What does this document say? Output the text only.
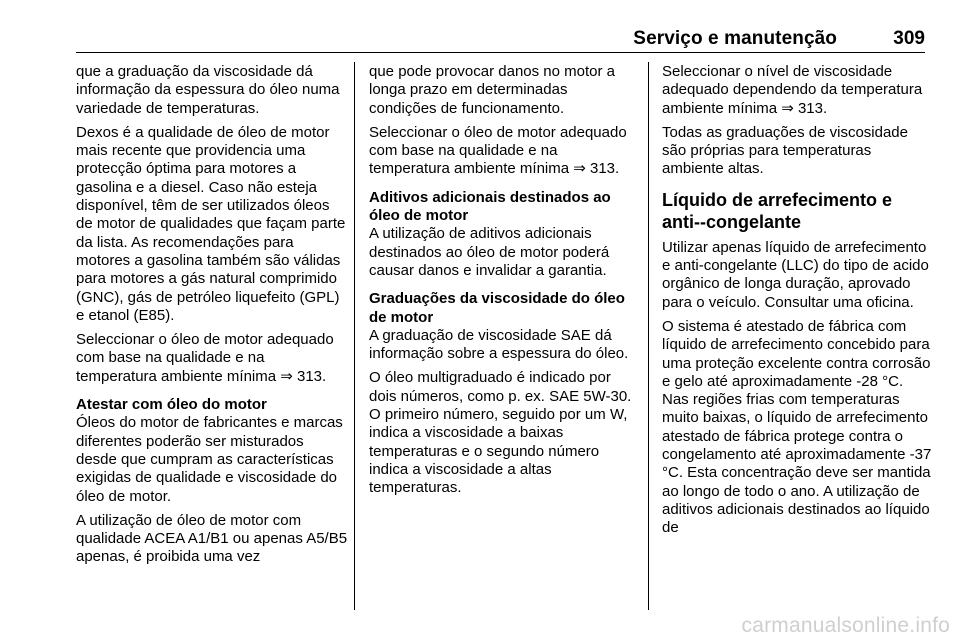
Serviço e manutenção	309

que a graduação da viscosidade dá informação da espessura do óleo numa variedade de temperaturas.

Dexos é a qualidade de óleo de motor mais recente que providencia uma protecção óptima para motores a gasolina e a diesel. Caso não esteja disponível, têm de ser utilizados óleos de motor de qualidades que façam parte da lista. As recomendações para motores a gasolina também são válidas para motores a gás natural comprimido (GNC), gás de petróleo liquefeito (GPL) e etanol (E85).

Seleccionar o óleo de motor adequado com base na qualidade e na temperatura ambiente mínima ⇒ 313.

Atestar com óleo do motor

Óleos do motor de fabricantes e marcas diferentes poderão ser misturados desde que cumpram as características exigidas de qualidade e viscosidade do óleo de motor.

A utilização de óleo de motor com qualidade ACEA A1/B1 ou apenas A5/B5 apenas, é proibida uma vez

que pode provocar danos no motor a longa prazo em determinadas condições de funcionamento.

Seleccionar o óleo de motor adequado com base na qualidade e na temperatura ambiente mínima ⇒ 313.

Aditivos adicionais destinados ao óleo de motor

A utilização de aditivos adicionais destinados ao óleo de motor poderá causar danos e invalidar a garantia.

Graduações da viscosidade do óleo de motor

A graduação de viscosidade SAE dá informação sobre a espessura do óleo.

O óleo multigraduado é indicado por dois números, como p. ex. SAE 5W-30. O primeiro número, seguido por um W, indica a viscosidade a baixas temperaturas e o segundo número indica a viscosidade a altas temperaturas.

Seleccionar o nível de viscosidade adequado dependendo da temperatura ambiente mínima ⇒ 313.

Todas as graduações de viscosidade são próprias para temperaturas ambiente altas.

Líquido de arrefecimento e anti--congelante

Utilizar apenas líquido de arrefecimento e anti-congelante (LLC) do tipo de acido orgânico de longa duração, aprovado para o veículo. Consultar uma oficina.

O sistema é atestado de fábrica com líquido de arrefecimento concebido para uma proteção excelente contra corrosão e gelo até aproximadamente -28 °C. Nas regiões frias com temperaturas muito baixas, o líquido de arrefecimento atestado de fábrica protege contra o congelamento até aproximadamente -37 °C. Esta concentração deve ser mantida ao longo de todo o ano. A utilização de aditivos adicionais destinados ao líquido de

carmanualsonline.info
